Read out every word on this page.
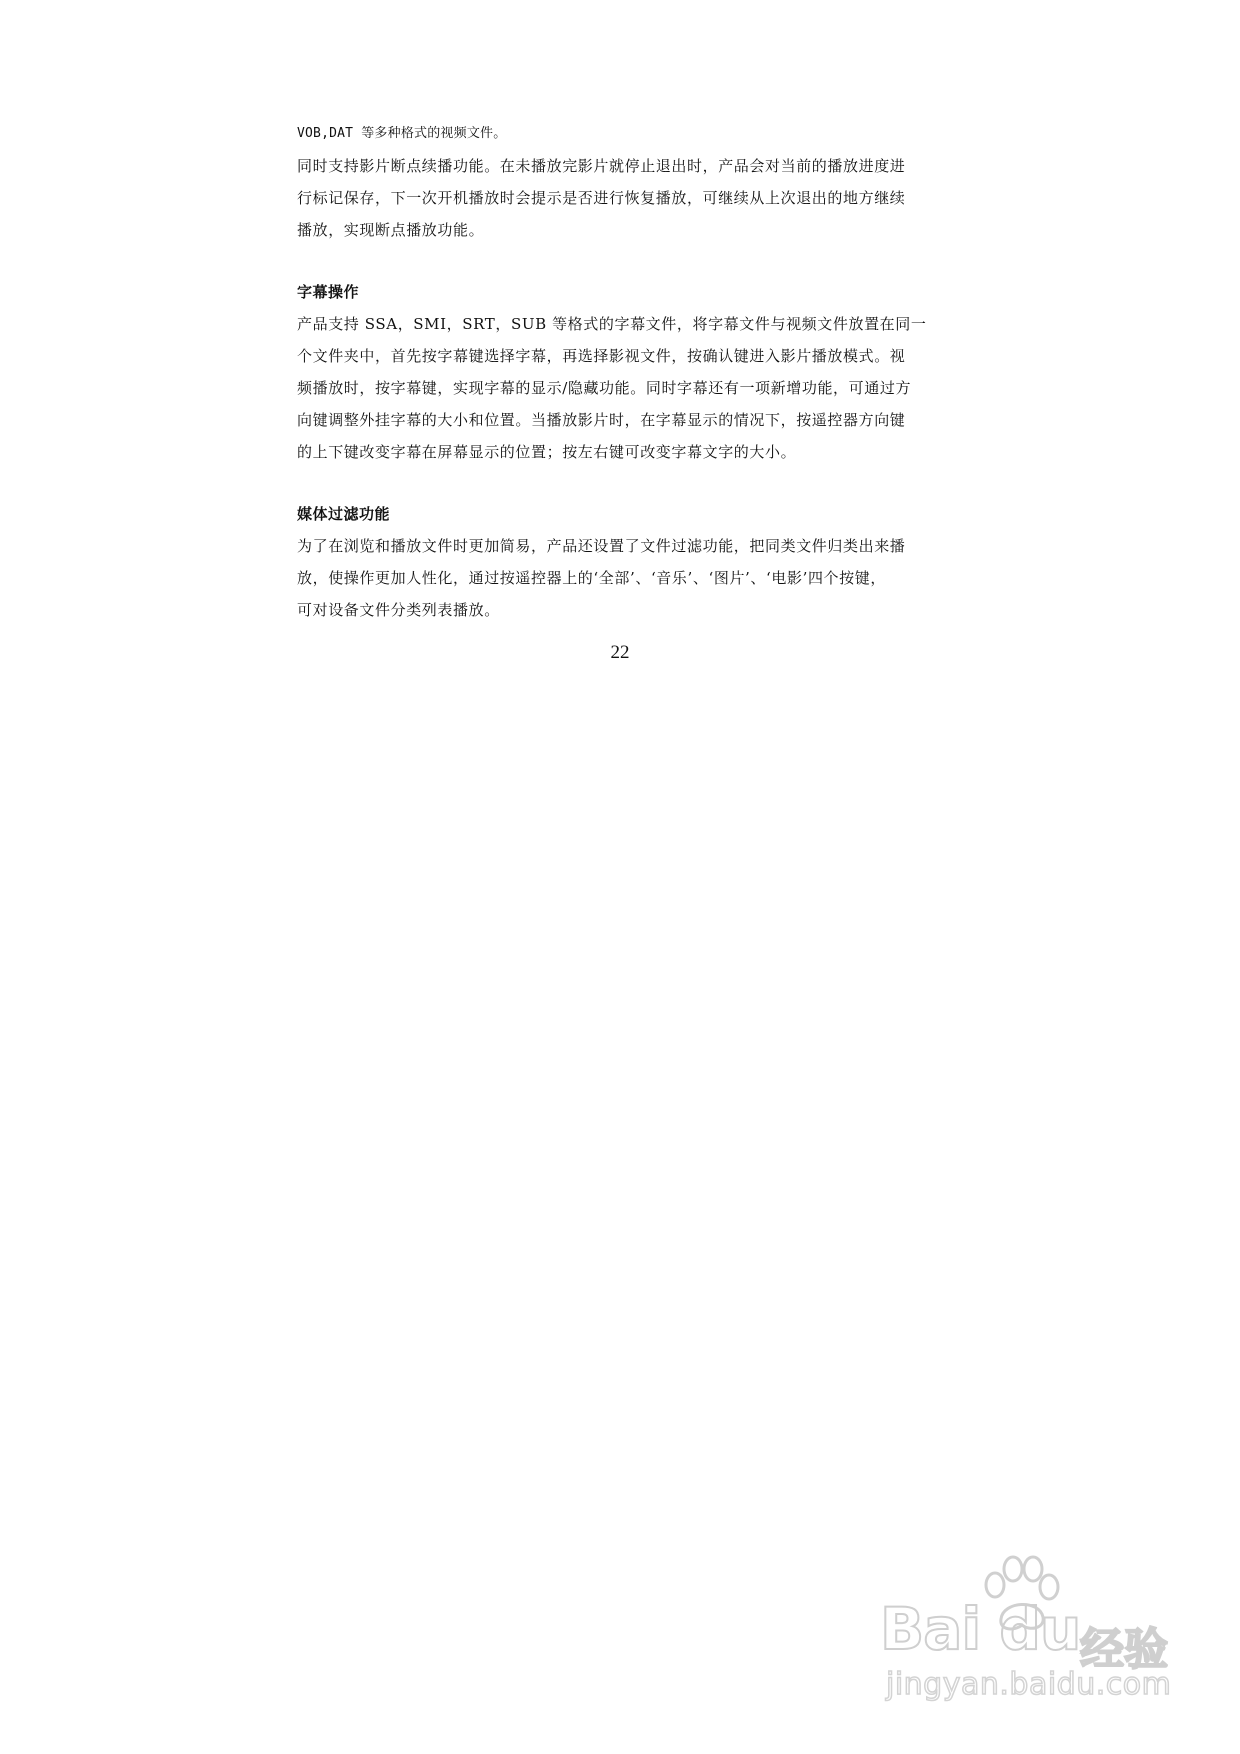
VOB,DAT 等多种格式的视频文件。
同时支持影片断点续播功能。在未播放完影片就停止退出时，产品会对当前的播放进度进
行标记保存，下一次开机播放时会提示是否进行恢复播放，可继续从上次退出的地方继续
播放，实现断点播放功能。
字幕操作
产品支持 SSA，SMI，SRT，SUB 等格式的字幕文件，将字幕文件与视频文件放置在同一
个文件夹中，首先按字幕键选择字幕，再选择影视文件，按确认键进入影片播放模式。视
频播放时，按字幕键，实现字幕的显示/隐藏功能。同时字幕还有一项新增功能，可通过方
向键调整外挂字幕的大小和位置。当播放影片时，在字幕显示的情况下，按遥控器方向键
的上下键改变字幕在屏幕显示的位置；按左右键可改变字幕文字的大小。
媒体过滤功能
为了在浏览和播放文件时更加简易，产品还设置了文件过滤功能，把同类文件归类出来播
放，使操作更加人性化，通过按遥控器上的‘全部’、‘音乐’、‘图片’、‘电影’四个按键，
可对设备文件分类列表播放。
22
Bai du 经验
jingyan.baidu.com
